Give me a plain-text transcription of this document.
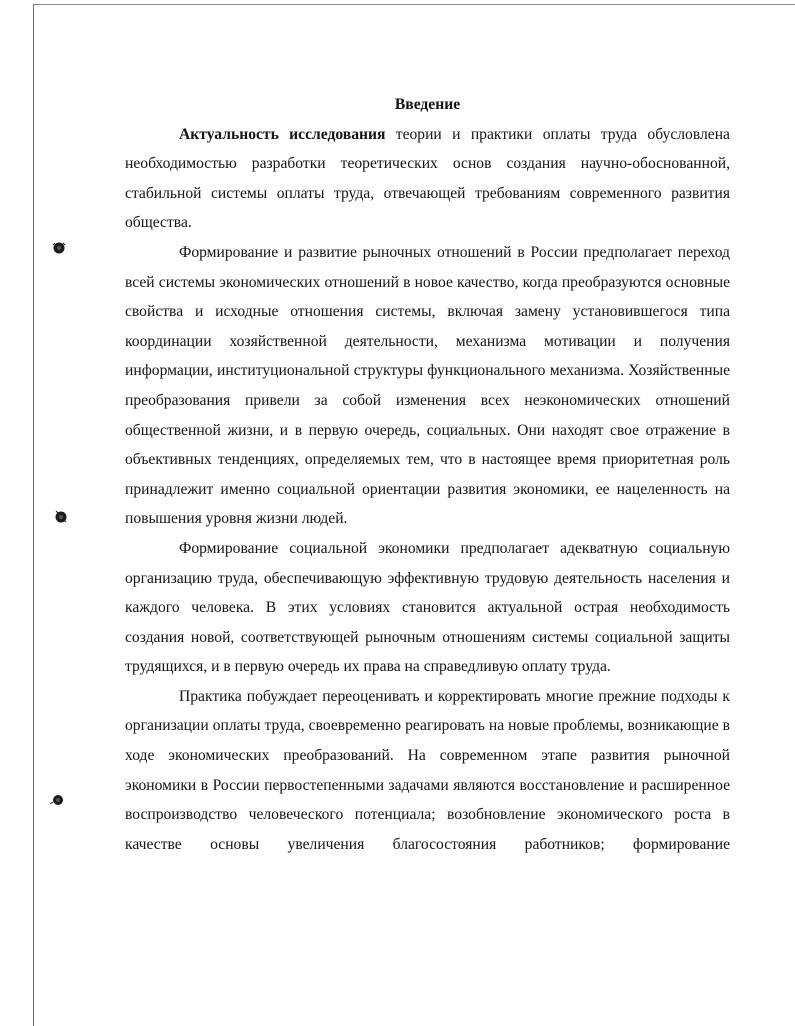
Введение

Актуальность исследования теории и практики оплаты труда обусловлена необходимостью разработки теоретических основ создания научно-обоснованной, стабильной системы оплаты труда, отвечающей требованиям современного развития общества.

Формирование и развитие рыночных отношений в России предполагает переход всей системы экономических отношений в новое качество, когда преобразуются основные свойства и исходные отношения системы, включая замену установившегося типа координации хозяйственной деятельности, механизма мотивации и получения информации, институциональной структуры функционального механизма. Хозяйственные преобразования привели за собой изменения всех неэкономических отношений общественной жизни, и в первую очередь, социальных. Они находят свое отражение в объективных тенденциях, определяемых тем, что в настоящее время приоритетная роль принадлежит именно социальной ориентации развития экономики, ее нацеленность на повышения уровня жизни людей.

Формирование социальной экономики предполагает адекватную социальную организацию труда, обеспечивающую эффективную трудовую деятельность населения и каждого человека. В этих условиях становится актуальной острая необходимость создания новой, соответствующей рыночным отношениям системы социальной защиты трудящихся, и в первую очередь их права на справедливую оплату труда.

Практика побуждает переоценивать и корректировать многие прежние подходы к организации оплаты труда, своевременно реагировать на новые проблемы, возникающие в ходе экономических преобразований. На современном этапе развития рыночной экономики в России первостепенными задачами являются восстановление и расширенное воспроизводство человеческого потенциала; возобновление экономического роста в качестве основы увеличения благосостояния работников; формирование
